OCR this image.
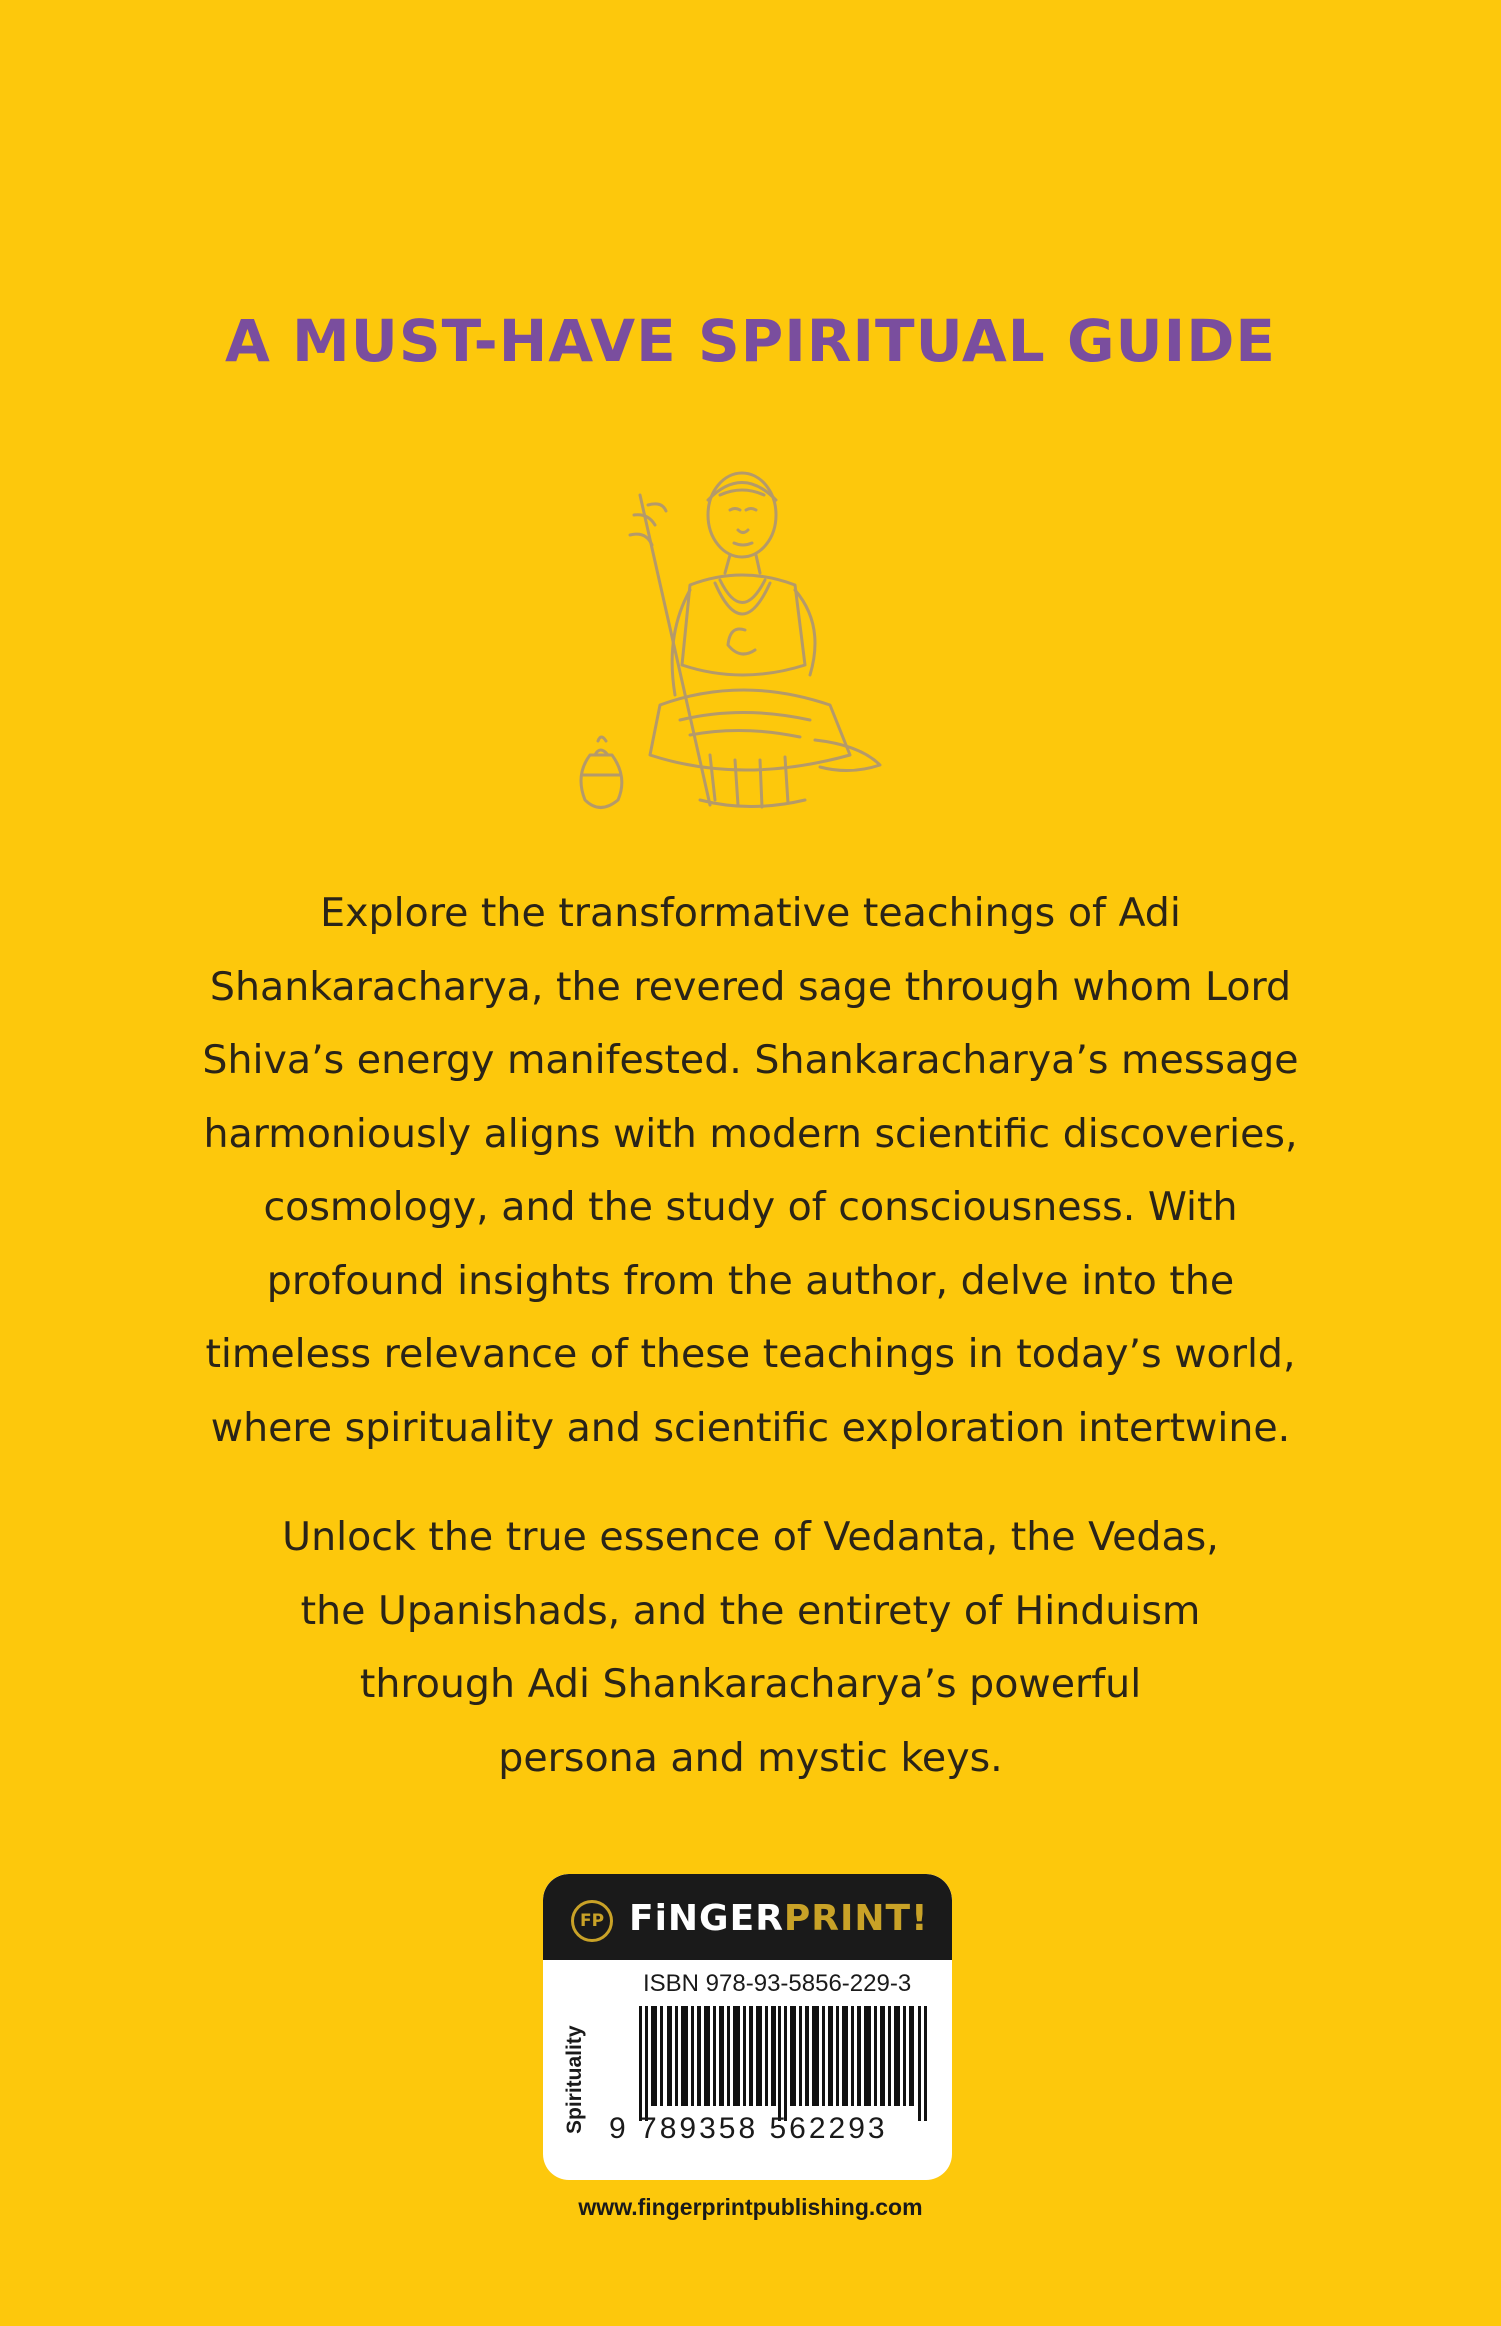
A MUST-HAVE SPIRITUAL GUIDE

Explore the transformative teachings of Adi
Shankaracharya, the revered sage through whom Lord
Shiva’s energy manifested. Shankaracharya’s message
harmoniously aligns with modern scientific discoveries,
cosmology, and the study of consciousness. With
profound insights from the author, delve into the
timeless relevance of these teachings in today’s world,
where spirituality and scientific exploration intertwine.

Unlock the true essence of Vedanta, the Vedas,
the Upanishads, and the entirety of Hinduism
through Adi Shankaracharya’s powerful
persona and mystic keys.

FP FiNGERPRINT!
ISBN 978-93-5856-229-3
Spirituality 9 789358 562293
www.fingerprintpublishing.com
